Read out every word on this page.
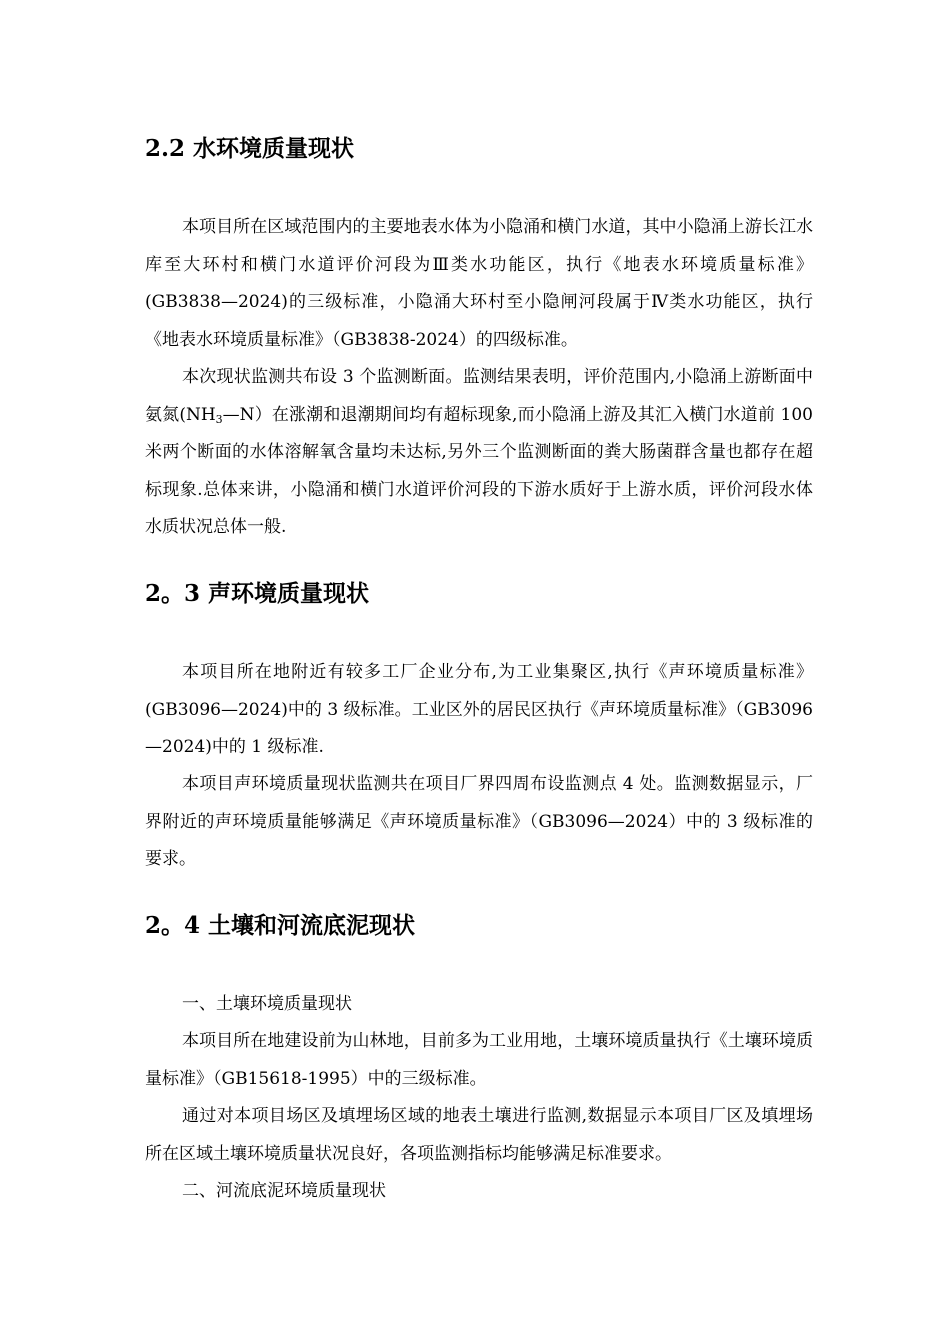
2.2 水环境质量现状

本项目所在区域范围内的主要地表水体为小隐涌和横门水道，其中小隐涌上游长江水库至大环村和横门水道评价河段为Ⅲ类水功能区，执行《地表水环境质量标准》(GB3838—2024)的三级标准，小隐涌大环村至小隐闸河段属于Ⅳ类水功能区，执行《地表水环境质量标准》（GB3838-2024）的四级标准。

本次现状监测共布设 3 个监测断面。监测结果表明，评价范围内,小隐涌上游断面中氨氮$(NH_3—N)$在涨潮和退潮期间均有超标现象,而小隐涌上游及其汇入横门水道前 100 米两个断面的水体溶解氧含量均未达标,另外三个监测断面的粪大肠菌群含量也都存在超标现象.总体来讲，小隐涌和横门水道评价河段的下游水质好于上游水质，评价河段水体水质状况总体一般.

2。3 声环境质量现状

本项目所在地附近有较多工厂企业分布,为工业集聚区,执行《声环境质量标准》(GB3096—2024)中的 3 级标准。工业区外的居民区执行《声环境质量标准》（GB3096—2024)中的 1 级标准.

本项目声环境质量现状监测共在项目厂界四周布设监测点 4 处。监测数据显示，厂界附近的声环境质量能够满足《声环境质量标准》（GB3096—2024）中的 3 级标准的要求。

2。4 土壤和河流底泥现状

一、土壤环境质量现状

本项目所在地建设前为山林地，目前多为工业用地，土壤环境质量执行《土壤环境质量标准》（GB15618-1995）中的三级标准。

通过对本项目场区及填埋场区域的地表土壤进行监测,数据显示本项目厂区及填埋场所在区域土壤环境质量状况良好，各项监测指标均能够满足标准要求。

二、河流底泥环境质量现状
